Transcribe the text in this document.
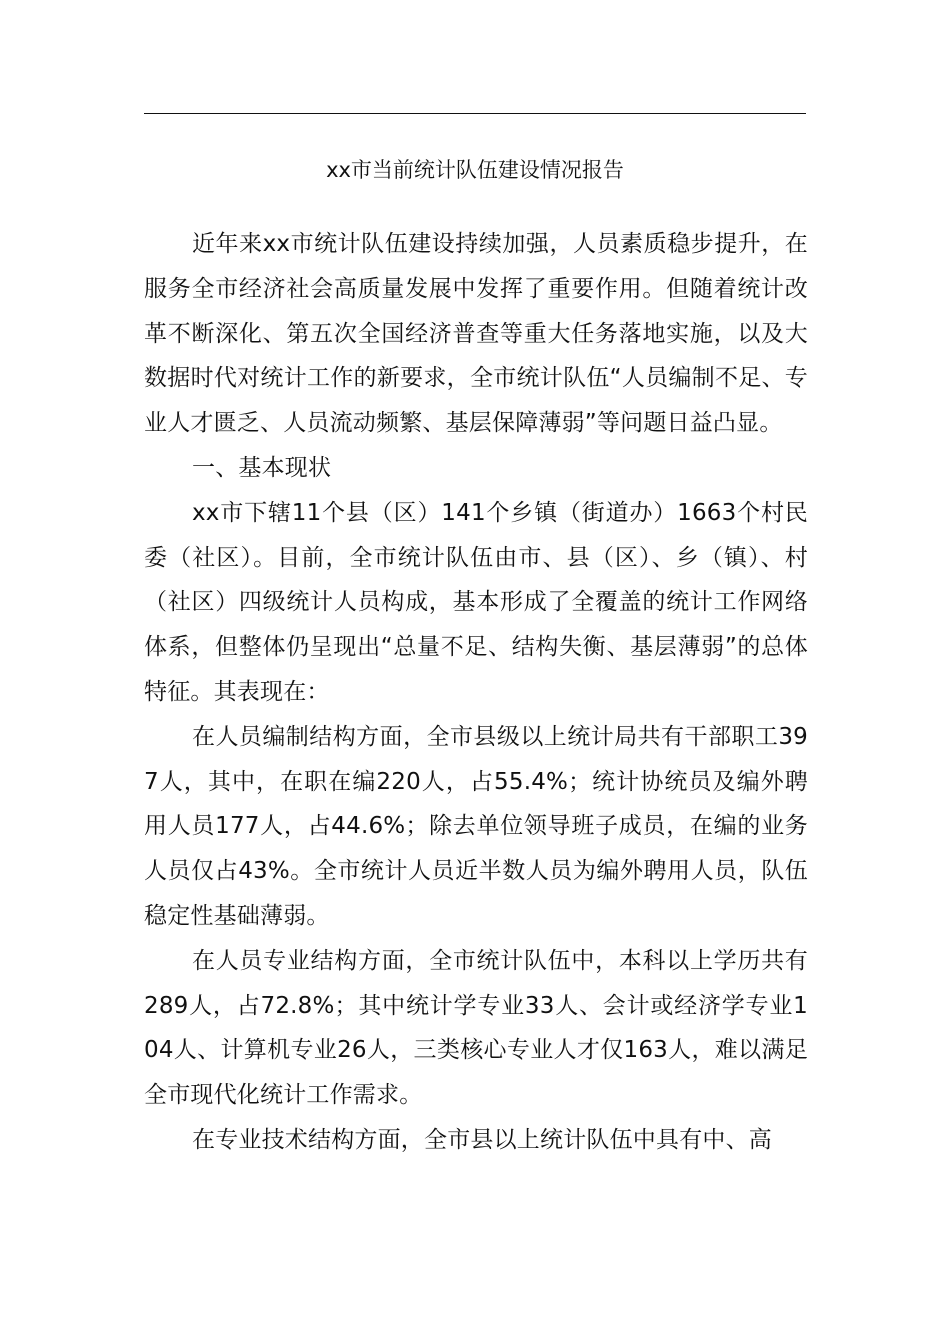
xx市当前统计队伍建设情况报告

近年来xx市统计队伍建设持续加强，人员素质稳步提升，在服务全市经济社会高质量发展中发挥了重要作用。但随着统计改革不断深化、第五次全国经济普查等重大任务落地实施，以及大数据时代对统计工作的新要求，全市统计队伍“人员编制不足、专业人才匮乏、人员流动频繁、基层保障薄弱”等问题日益凸显。

一、基本现状

xx市下辖11个县（区）141个乡镇（街道办）1663个村民委（社区）。目前，全市统计队伍由市、县（区）、乡（镇）、村（社区）四级统计人员构成，基本形成了全覆盖的统计工作网络体系，但整体仍呈现出“总量不足、结构失衡、基层薄弱”的总体特征。其表现在：

在人员编制结构方面，全市县级以上统计局共有干部职工397人，其中，在职在编220人，占55.4%；统计协统员及编外聘用人员177人，占44.6%；除去单位领导班子成员，在编的业务人员仅占43%。全市统计人员近半数人员为编外聘用人员，队伍稳定性基础薄弱。

在人员专业结构方面，全市统计队伍中，本科以上学历共有289人，占72.8%；其中统计学专业33人、会计或经济学专业104人、计算机专业26人，三类核心专业人才仅163人，难以满足全市现代化统计工作需求。

在专业技术结构方面，全市县以上统计队伍中具有中、高
